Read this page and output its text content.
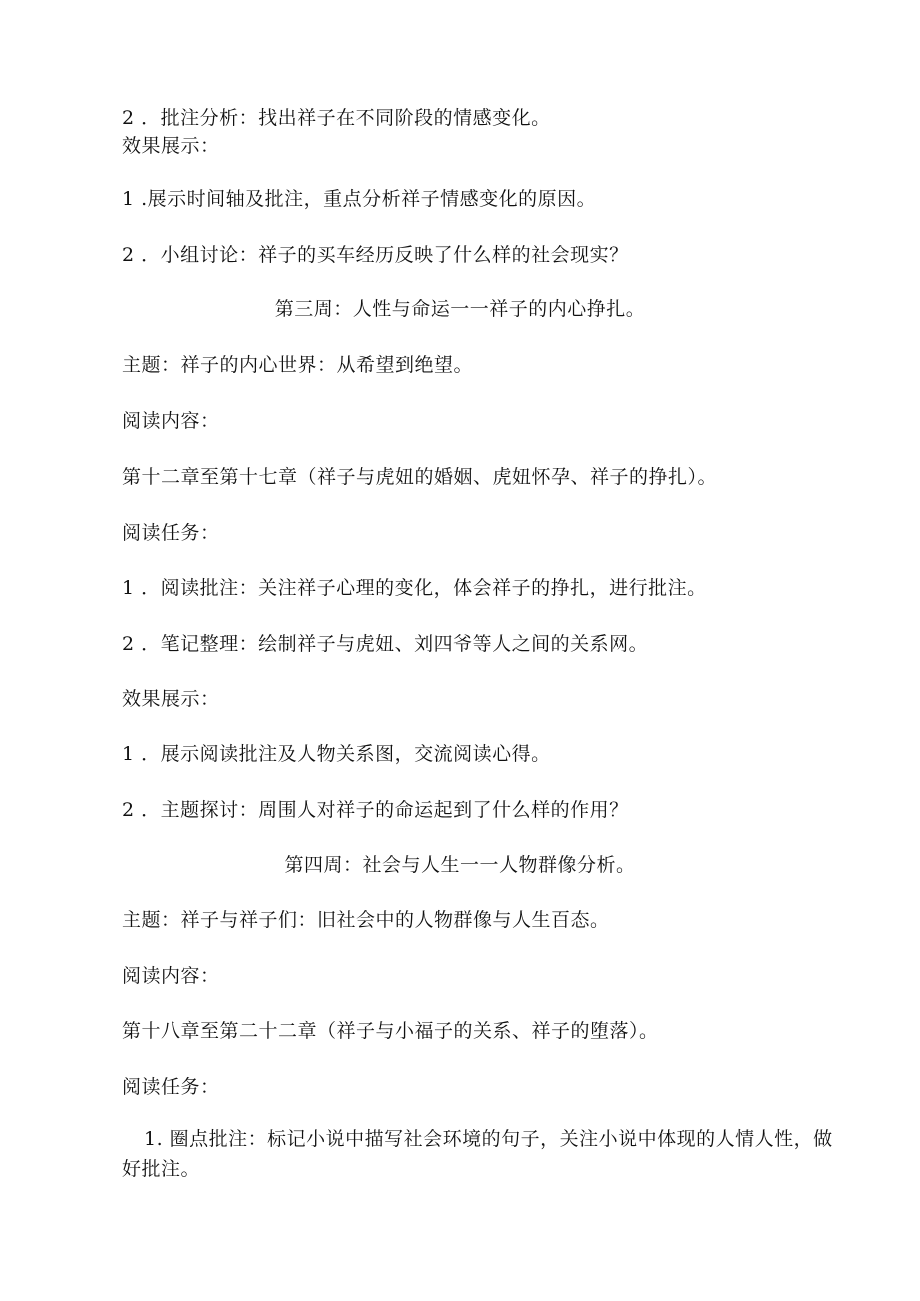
2 ．批注分析：找出祥子在不同阶段的情感变化。
效果展示：
1 .展示时间轴及批注，重点分析祥子情感变化的原因。
2 ．小组讨论：祥子的买车经历反映了什么样的社会现实？
第三周：人性与命运一一祥子的内心挣扎。
主题：祥子的内心世界：从希望到绝望。
阅读内容：
第十二章至第十七章（祥子与虎妞的婚姻、虎妞怀孕、祥子的挣扎）。
阅读任务：
1 ．阅读批注：关注祥子心理的变化，体会祥子的挣扎，进行批注。
2 ．笔记整理：绘制祥子与虎妞、刘四爷等人之间的关系网。
效果展示：
1 ．展示阅读批注及人物关系图，交流阅读心得。
2 ．主题探讨：周围人对祥子的命运起到了什么样的作用？
第四周：社会与人生一一人物群像分析。
主题：祥子与祥子们：旧社会中的人物群像与人生百态。
阅读内容：
第十八章至第二十二章（祥子与小福子的关系、祥子的堕落）。
阅读任务：
1. 圈点批注：标记小说中描写社会环境的句子，关注小说中体现的人情人性，做好批注。
